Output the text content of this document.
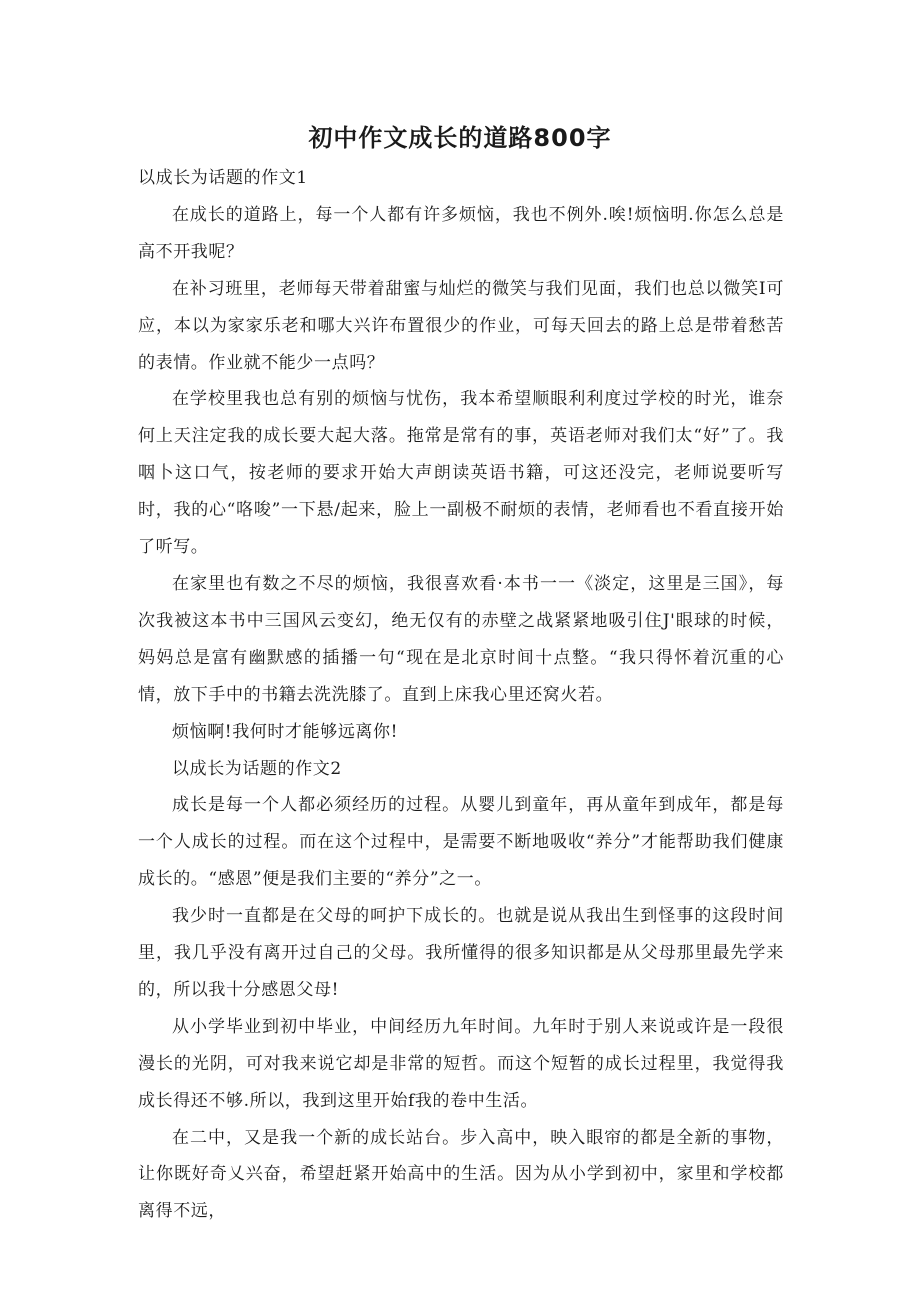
初中作文成长的道路800字

以成长为话题的作文1

在成长的道路上，每一个人都有许多烦恼，我也不例外.唉!烦恼明.你怎么总是高不开我呢？

在补习班里，老师每天带着甜蜜与灿烂的微笑与我们见面，我们也总以微笑I可应，本以为家家乐老和哪大兴许布置很少的作业，可每天回去的路上总是带着愁苦的表情。作业就不能少一点吗？

在学校里我也总有别的烦恼与忧伤，我本希望顺眼利利度过学校的时光，谁奈何上天注定我的成长要大起大落。拖常是常有的事，英语老师对我们太“好”了。我咽卜这口气，按老师的要求开始大声朗读英语书籍，可这还没完，老师说要听写时，我的心“咯唆”一下悬/起来，脸上一副极不耐烦的表情，老师看也不看直接开始了听写。

在家里也有数之不尽的烦恼，我很喜欢看·本书一一《淡定，这里是三国》，每次我被这本书中三国风云变幻，绝无仅有的赤壁之战紧紧地吸引住J'眼球的时候，妈妈总是富有幽默感的插播一句“现在是北京时间十点整。“我只得怀着沉重的心情，放下手中的书籍去洗洗膝了。直到上床我心里还窝火若。

烦恼啊!我何时才能够远离你!

以成长为话题的作文2

成长是每一个人都必须经历的过程。从婴儿到童年，再从童年到成年，都是每一个人成长的过程。而在这个过程中，是需要不断地吸收“养分”才能帮助我们健康成长的。“感恩”便是我们主要的“养分”之一。

我少时一直都是在父母的呵护下成长的。也就是说从我出生到怪事的这段时间里，我几乎没有离开过自己的父母。我所懂得的很多知识都是从父母那里最先学来的，所以我十分感恩父母!

从小学毕业到初中毕业，中间经历九年时间。九年时于别人来说或许是一段很漫长的光阴，可对我来说它却是非常的短哲。而这个短暂的成长过程里，我觉得我成长得还不够.所以，我到这里开始f我的卷中生活。

在二中，又是我一个新的成长站台。步入高中，映入眼帘的都是全新的事物，让你既好奇乂兴奋，希望赶紧开始高中的生活。因为从小学到初中，家里和学校都离得不远，
